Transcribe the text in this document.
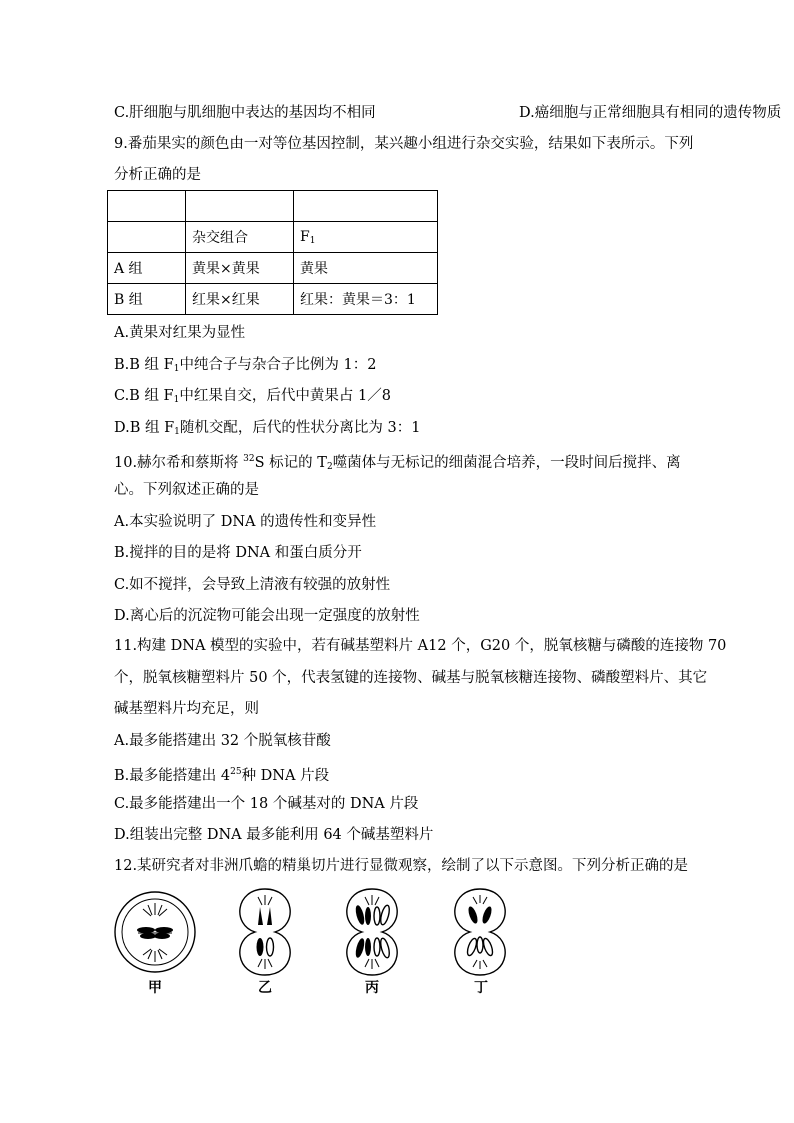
C.肝细胞与肌细胞中表达的基因均不相同	D.癌细胞与正常细胞具有相同的遗传物质
9.番茄果实的颜色由一对等位基因控制，某兴趣小组进行杂交实验，结果如下表所示。下列
分析正确的是

	杂交组合	$F_1$
A 组	黄果×黄果	黄果
B 组	红果×红果	红果：黄果＝3：1
A.黄果对红果为显性
B.B 组 $F_1$中纯合子与杂合子比例为 1：2
C.B 组 $F_1$中红果自交，后代中黄果占 1／8
D.B 组 $F_1$随机交配，后代的性状分离比为 3：1
10.赫尔希和蔡斯将 $^{32}$S 标记的 $T_2$噬菌体与无标记的细菌混合培养，一段时间后搅拌、离
心。下列叙述正确的是
A.本实验说明了 DNA 的遗传性和变异性
B.搅拌的目的是将 DNA 和蛋白质分开
C.如不搅拌，会导致上清液有较强的放射性
D.离心后的沉淀物可能会出现一定强度的放射性
11.构建 DNA 模型的实验中，若有碱基塑料片 A12 个，G20 个，脱氧核糖与磷酸的连接物 70
个，脱氧核糖塑料片 50 个，代表氢键的连接物、碱基与脱氧核糖连接物、磷酸塑料片、其它
碱基塑料片均充足，则
A.最多能搭建出 32 个脱氧核苷酸
B.最多能搭建出 $4^{25}$种 DNA 片段
C.最多能搭建出一个 18 个碱基对的 DNA 片段
D.组装出完整 DNA 最多能利用 64 个碱基塑料片
12.某研究者对非洲爪蟾的精巢切片进行显微观察，绘制了以下示意图。下列分析正确的是
甲	乙	丙	丁
